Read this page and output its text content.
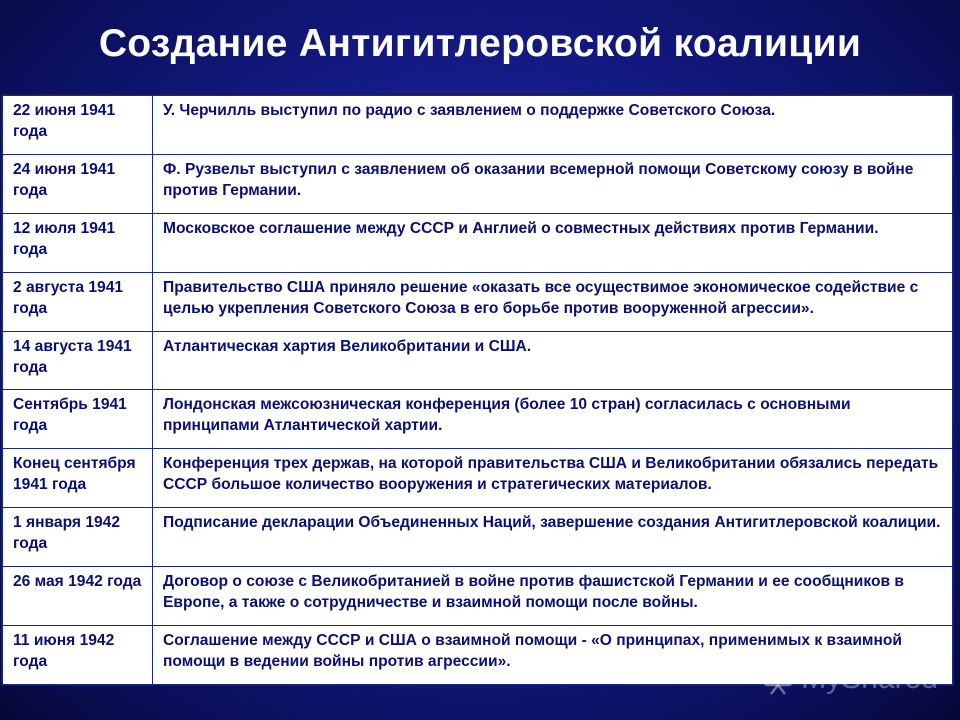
Создание Антигитлеровской коалиции
22 июня 1941 года	У. Черчилль выступил по радио с заявлением о поддержке Советского Союза.
24 июня 1941 года	Ф. Рузвельт выступил с заявлением об оказании всемерной помощи Советскому союзу в войне против Германии.
12 июля 1941 года	Московское соглашение между СССР и Англией о совместных действиях против Германии.
2 августа 1941 года	Правительство США приняло решение «оказать все осуществимое экономическое содействие с целью укрепления Советского Союза в его борьбе против вооруженной агрессии».
14 августа 1941 года	Атлантическая хартия Великобритании и США.
Сентябрь 1941 года	Лондонская межсоюзническая конференция (более 10 стран) согласилась с основными принципами Атлантической хартии.
Конец сентября 1941 года	Конференция трех держав, на которой правительства США и Великобритании обязались передать СССР большое количество вооружения и стратегических материалов.
1 января 1942 года	Подписание декларации Объединенных Наций, завершение создания Антигитлеровской коалиции.
26 мая 1942 года	Договор о союзе с Великобританией в войне против фашистской Германии и ее сообщников в Европе, а также о сотрудничестве и взаимной помощи после войны.
11 июня 1942 года	Соглашение между СССР и США о взаимной помощи - «О принципах, применимых к взаимной помощи в ведении войны против агрессии».
MyShared
